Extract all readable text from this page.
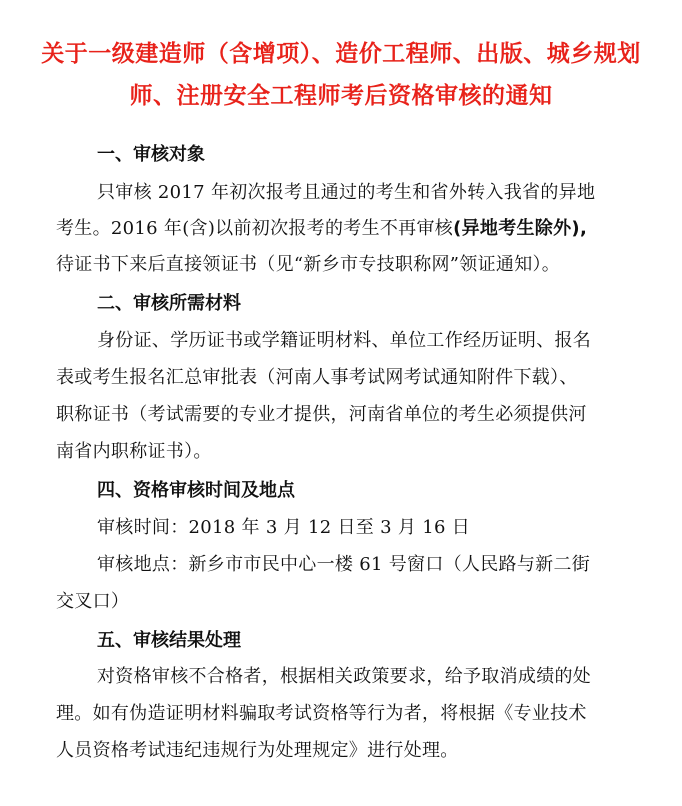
关于一级建造师（含增项）、造价工程师、出版、城乡规划
师、注册安全工程师考后资格审核的通知
一、审核对象
只审核 2017 年初次报考且通过的考生和省外转入我省的异地
考生。2016 年(含)以前初次报考的考生不再审核(异地考生除外),
待证书下来后直接领证书（见“新乡市专技职称网”领证通知）。
二、审核所需材料
身份证、学历证书或学籍证明材料、单位工作经历证明、报名
表或考生报名汇总审批表（河南人事考试网考试通知附件下载）、
职称证书（考试需要的专业才提供，河南省单位的考生必须提供河
南省内职称证书）。
四、资格审核时间及地点
审核时间：2018 年 3 月 12 日至 3 月 16 日
审核地点：新乡市市民中心一楼 61 号窗口（人民路与新二街
交叉口）
五、审核结果处理
对资格审核不合格者，根据相关政策要求，给予取消成绩的处
理。如有伪造证明材料骗取考试资格等行为者，将根据《专业技术
人员资格考试违纪违规行为处理规定》进行处理。
